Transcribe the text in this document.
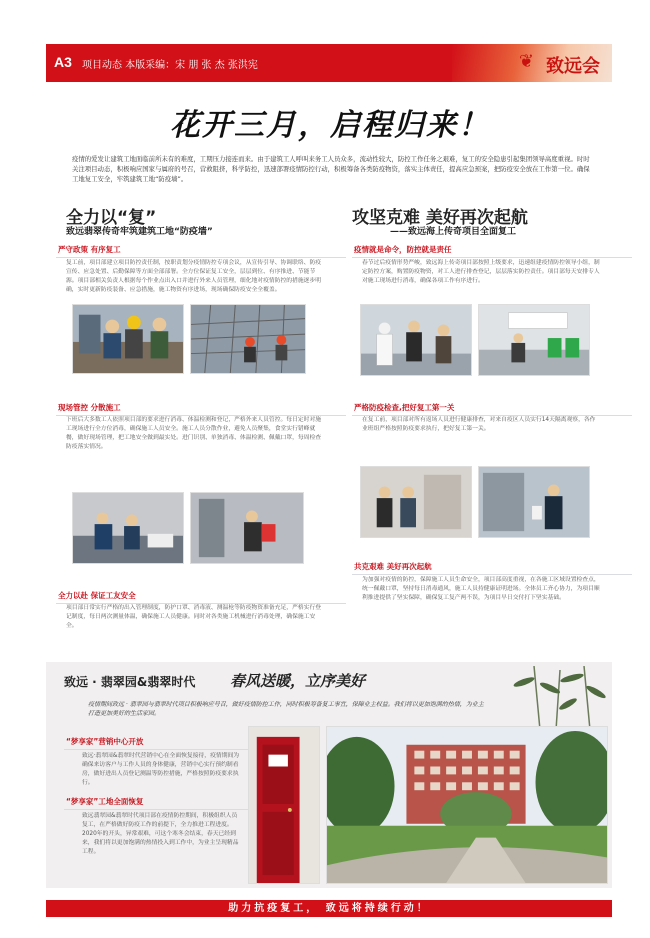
A3 项目动态 本版采编：宋 朋 张 杰 张洪宪	❦ 致远会
花开三月，启程归来！
疫情的爱发让建筑工地面临前所未有的难度，工期压力接连而来。由于建筑工人呼叫来务工人员众多，流动性较大，防控工作任务之艰难，复工的安全隐患引起集团领导高度重视。时时关注项目动态，积极响应国家与属府的号召，营救阻挤，科学防控，迅速部署疫情防控行动，积极筹备各类防疫物资，落实主体责任，提高应急预案，把防疫安全放在工作第一位。确保工地复工安全，牢筑建筑工地“防疫墙”。
全力以“复”
致远翡翠传奇牢筑建筑工地“防疫墙”
严守政策 有序复工
复工前，项目部建立项目防控责任制，按职责划分疫情防控专项会议，从宣传引导、协调联络、防疫宣传、应急处置、后勤保障等方面全部部署。全方位保证复工安全，层层到位、有序推进、节能节源。项目部相关负责人根据每个作业点出入口并进行外来人员管理，细化地对疫情防控的措施逐步明确，实时更新防疫装备、应急措施，施工物资有序进场，现场确保防疫安全全覆盖。
现场管控 分散施工
下班后大多数工人依照项目部的要求进行消毒、体温检测和登记，严格外来人员管控。每日定时对施工现场进行全方位消毒，确保施工人员安全。施工人员分散作业，避免人员聚集，食堂实行错峰就餐，做好现场管理，把工地安全做到最实处。进门识别、单独消毒、体温检测、佩戴口罩，每周检查防疫落实情况。
全力以赴 保证工友安全
项目部日常实行严格的出入管理制度，防护口罩、消毒液、测温枪等防疫物资准备充足，严格实行登记制度，每日两次测量体温，确保施工人员健康。同时对各类施工机械进行消毒处理，确保施工安全。
攻坚克难 美好再次起航
——致远海上传奇项目全面复工
疫情就是命令，防控就是责任
春节过后疫情形势严峻，致远海上传奇项目部按照上级要求，迅速组建疫情防控领导小组，制定防控方案，购置防疫物资，对工人进行排查登记，层层落实防控责任。项目部每天安排专人对施工现场进行消毒，确保各项工作有序进行。
严格防疫检查,把好复工第一关
在复工前，项目部对所有返场人员进行健康排查，对来自疫区人员实行14天隔离观察，各作业班组严格按照防疫要求执行，把好复工第一关。
共克艰难 美好再次起航
为加强对疫情的防控，保障施工人员生命安全，项目部高度重视，在各施工区域设置检查点，统一佩戴口罩，坚持每日消毒通风，施工人员持健康证明进场。全体员工齐心协力，为项目顺利推进提供了坚实保障，确保复工复产两不误，为项目早日交付打下坚实基础。
致远 · 翡翠园&翡翠时代 春风送暖，立序美好
疫情期间致远 · 翡翠园与翡翠时代项目积极响应号召，做好疫情防控工作，同时积极筹备复工事宜，保障业主权益。我们将以更加饱满的热情，为业主打造更加美好的生活家园。
“梦享家”营销中心开放
致远·翡翠园&翡翠时代营销中心在全面恢复接待，疫情期间为确保来访客户与工作人员的身体健康，营销中心实行预约制看房，做好进出人员登记测温等防控措施，严格按照防疫要求执行。
“梦享家”工地全面恢复
致远翡翠园&翡翠时代项目部在疫情防控期间，积极组织人员复工，在严格做好防疫工作的前提下，全力推进工程进度。2020年的开头，异常艰难，可这个寒冬会结束，春天已经到来，我们将以更加饱满的热情投入到工作中，为业主呈现精品工程。
助力抗疫复工， 致远将持续行动！
